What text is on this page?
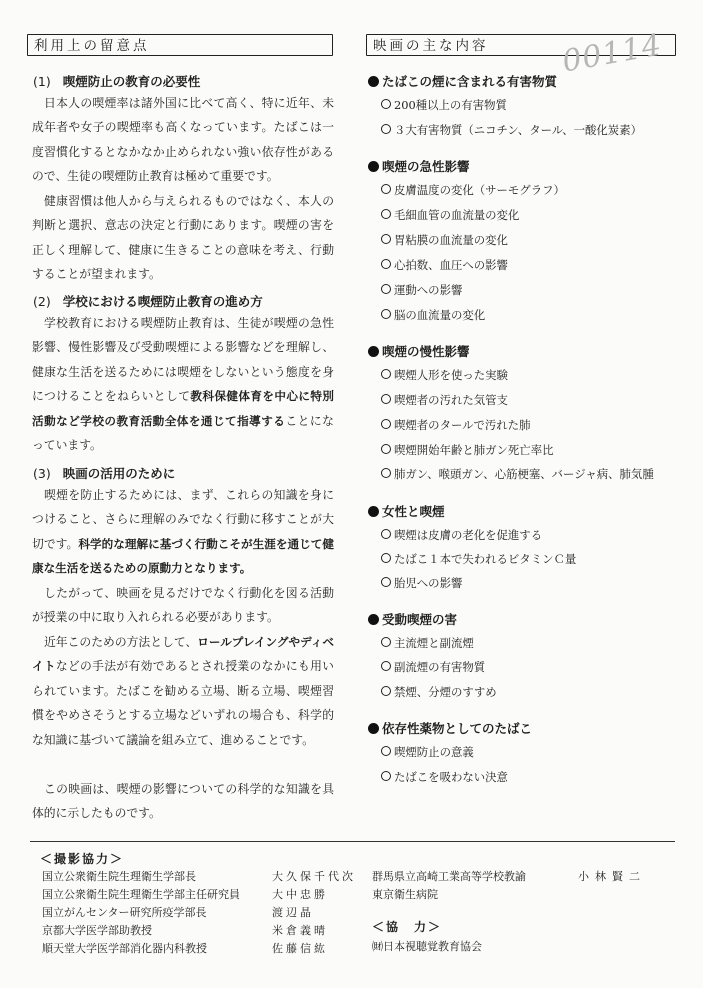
利用上の留意点	映画の主な内容	00114
(1) 喫煙防止の教育の必要性
日本人の喫煙率は諸外国に比べて高く、特に近年、未成年者や女子の喫煙率も高くなっています。たばこは一度習慣化するとなかなか止められない強い依存性があるので、生徒の喫煙防止教育は極めて重要です。
健康習慣は他人から与えられるものではなく、本人の判断と選択、意志の決定と行動にあります。喫煙の害を正しく理解して、健康に生きることの意味を考え、行動することが望まれます。
(2) 学校における喫煙防止教育の進め方
学校教育における喫煙防止教育は、生徒が喫煙の急性影響、慢性影響及び受動喫煙による影響などを理解し、健康な生活を送るためには喫煙をしないという態度を身につけることをねらいとして教科保健体育を中心に特別活動など学校の教育活動全体を通じて指導することになっています。
(3) 映画の活用のために
喫煙を防止するためには、まず、これらの知識を身につけること、さらに理解のみでなく行動に移すことが大切です。科学的な理解に基づく行動こそが生涯を通じて健康な生活を送るための原動力となります。
したがって、映画を見るだけでなく行動化を図る活動が授業の中に取り入れられる必要があります。
近年このための方法として、ロールプレイングやディベイトなどの手法が有効であるとされ授業のなかにも用いられています。たばこを勧める立場、断る立場、喫煙習慣をやめさそうとする立場などいずれの場合も、科学的な知識に基づいて議論を組み立て、進めることです。
この映画は、喫煙の影響についての科学的な知識を具体的に示したものです。
たばこの煙に含まれる有害物質
200種以上の有害物質
３大有害物質（ニコチン、タール、一酸化炭素）
喫煙の急性影響
皮膚温度の変化（サーモグラフ）
毛細血管の血流量の変化
胃粘膜の血流量の変化
心拍数、血圧への影響
運動への影響
脳の血流量の変化
喫煙の慢性影響
喫煙人形を使った実験
喫煙者の汚れた気管支
喫煙者のタールで汚れた肺
喫煙開始年齢と肺ガン死亡率比
肺ガン、喉頭ガン、心筋梗塞、バージャ病、肺気腫
女性と喫煙
喫煙は皮膚の老化を促進する
たばこ１本で失われるビタミンＣ量
胎児への影響
受動喫煙の害
主流煙と副流煙
副流煙の有害物質
禁煙、分煙のすすめ
依存性薬物としてのたばこ
喫煙防止の意義
たばこを吸わない決意
＜撮影協力＞
国立公衆衛生院生理衛生学部長	大久保千代次
国立公衆衛生院生理衛生学部主任研究員	大中忠勝
国立がんセンター研究所疫学部長	渡辺晶
京都大学医学部助教授	米倉義晴
順天堂大学医学部消化器内科教授	佐藤信紘
群馬県立高崎工業高等学校教諭	小林賢二
東京衛生病院
＜協　力＞
㈶日本視聴覚教育協会
